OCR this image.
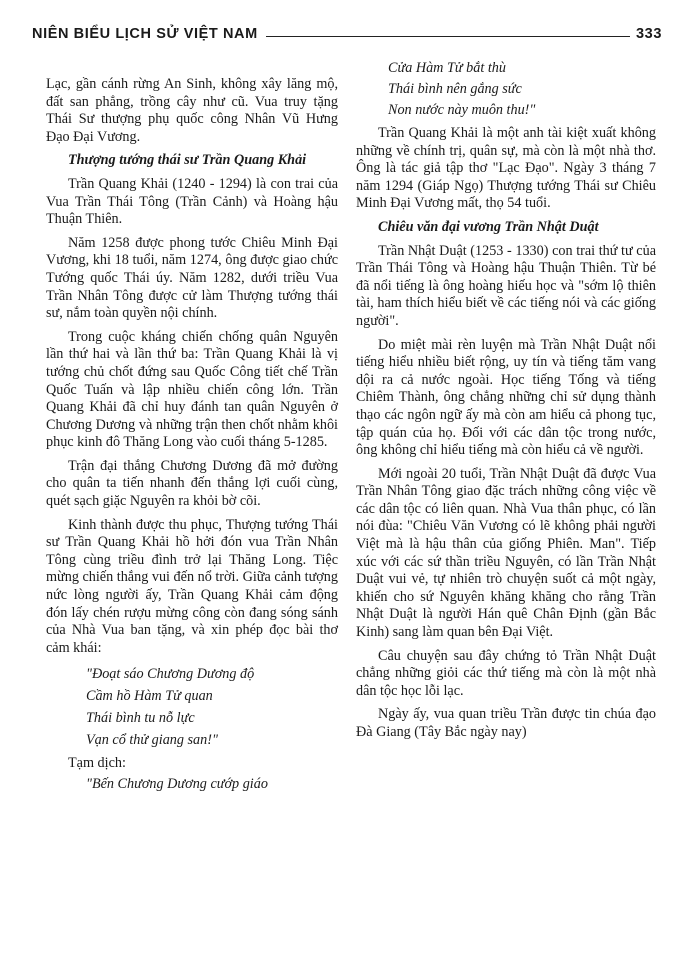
NIÊN BIỂU LỊCH SỬ VIỆT NAM	333

Lạc, gần cánh rừng An Sinh, không xây lăng mộ, đất san phẳng, trồng cây như cũ. Vua truy tặng Thái Sư thượng phụ quốc công Nhân Vũ Hưng Đạo Đại Vương.

Thượng tướng thái sư Trần Quang Khải

Trần Quang Khải (1240 - 1294) là con trai của Vua Trần Thái Tông (Trần Cảnh) và Hoàng hậu Thuận Thiên.

Năm 1258 được phong tước Chiêu Minh Đại Vương, khi 18 tuổi, năm 1274, ông được giao chức Tướng quốc Thái úy. Năm 1282, dưới triều Vua Trần Nhân Tông được cử làm Thượng tướng thái sư, nắm toàn quyền nội chính.

Trong cuộc kháng chiến chống quân Nguyên lần thứ hai và lần thứ ba: Trần Quang Khải là vị tướng chủ chốt đứng sau Quốc Công tiết chế Trần Quốc Tuấn và lập nhiều chiến công lớn. Trần Quang Khải đã chỉ huy đánh tan quân Nguyên ở Chương Dương và những trận then chốt nhằm khôi phục kinh đô Thăng Long vào cuối tháng 5-1285.

Trận đại thắng Chương Dương đã mở đường cho quân ta tiến nhanh đến thắng lợi cuối cùng, quét sạch giặc Nguyên ra khỏi bờ cõi.

Kinh thành được thu phục, Thượng tướng Thái sư Trần Quang Khải hồ hởi đón vua Trần Nhân Tông cùng triều đình trở lại Thăng Long. Tiệc mừng chiến thắng vui đến nổ trời. Giữa cảnh tượng nức lòng người ấy, Trần Quang Khải cảm động đón lấy chén rượu mừng công còn đang sóng sánh của Nhà Vua ban tặng, và xin phép đọc bài thơ cảm khái:

"Đoạt sáo Chương Dương độ
Cầm hồ Hàm Tử quan
Thái bình tu nỗ lực
Vạn cổ thử giang san!"

Tạm dịch:

"Bến Chương Dương cướp giáo
Cửa Hàm Tử bắt thù
Thái bình nên gắng sức
Non nước này muôn thu!"

Trần Quang Khải là một anh tài kiệt xuất không những về chính trị, quân sự, mà còn là một nhà thơ. Ông là tác giả tập thơ "Lạc Đạo". Ngày 3 tháng 7 năm 1294 (Giáp Ngọ) Thượng tướng Thái sư Chiêu Minh Đại Vương mất, thọ 54 tuổi.

Chiêu văn đại vương Trần Nhật Duật

Trần Nhật Duật (1253 - 1330) con trai thứ tư của Trần Thái Tông và Hoàng hậu Thuận Thiên. Từ bé đã nổi tiếng là ông hoàng hiếu học và "sớm lộ thiên tài, ham thích hiểu biết về các tiếng nói và các giống người".

Do miệt mài rèn luyện mà Trần Nhật Duật nổi tiếng hiểu nhiều biết rộng, uy tín và tiếng tăm vang dội ra cả nước ngoài. Học tiếng Tống và tiếng Chiêm Thành, ông chẳng những chỉ sử dụng thành thạo các ngôn ngữ ấy mà còn am hiểu cả phong tục, tập quán của họ. Đối với các dân tộc trong nước, ông không chỉ hiểu tiếng mà còn hiểu cả về người.

Mới ngoài 20 tuổi, Trần Nhật Duật đã được Vua Trần Nhân Tông giao đặc trách những công việc về các dân tộc có liên quan. Nhà Vua thân phục, có lần nói đùa: "Chiêu Văn Vương có lẽ không phải người Việt mà là hậu thân của giống Phiên. Man". Tiếp xúc với các sứ thần triều Nguyên, có lần Trần Nhật Duật vui vẻ, tự nhiên trò chuyện suốt cả một ngày, khiến cho sứ Nguyên khăng khăng cho rằng Trần Nhật Duật là người Hán quê Chân Định (gần Bắc Kinh) sang làm quan bên Đại Việt.

Câu chuyện sau đây chứng tỏ Trần Nhật Duật chẳng những giỏi các thứ tiếng mà còn là một nhà dân tộc học lỗi lạc.

Ngày ấy, vua quan triều Trần được tin chúa đạo Đà Giang (Tây Bắc ngày nay)
